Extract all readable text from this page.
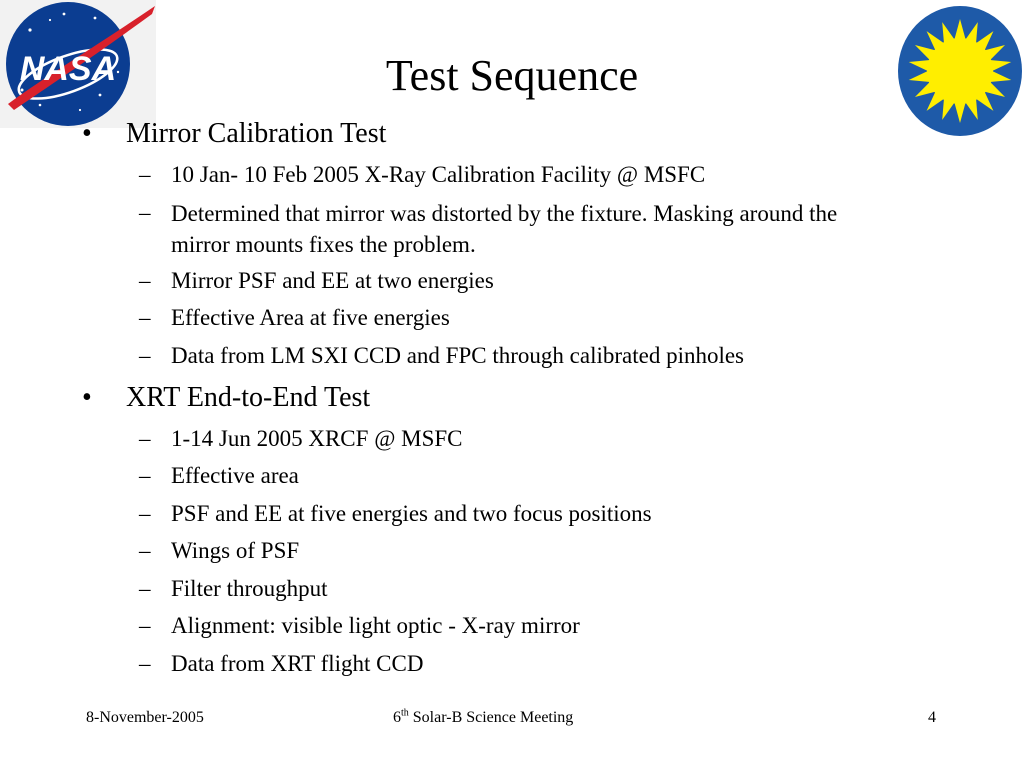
NASA	Test Sequence
• Mirror Calibration Test
– 10 Jan- 10 Feb 2005 X-Ray Calibration Facility @ MSFC
– Determined that mirror was distorted by the fixture. Masking around the mirror mounts fixes the problem.
– Mirror PSF and EE at two energies
– Effective Area at five energies
– Data from LM SXI CCD and FPC through calibrated pinholes
• XRT End-to-End Test
– 1-14 Jun 2005 XRCF @ MSFC
– Effective area
– PSF and EE at five energies and two focus positions
– Wings of PSF
– Filter throughput
– Alignment: visible light optic - X-ray mirror
– Data from XRT flight CCD
8-November-2005	6th Solar-B Science Meeting	4
